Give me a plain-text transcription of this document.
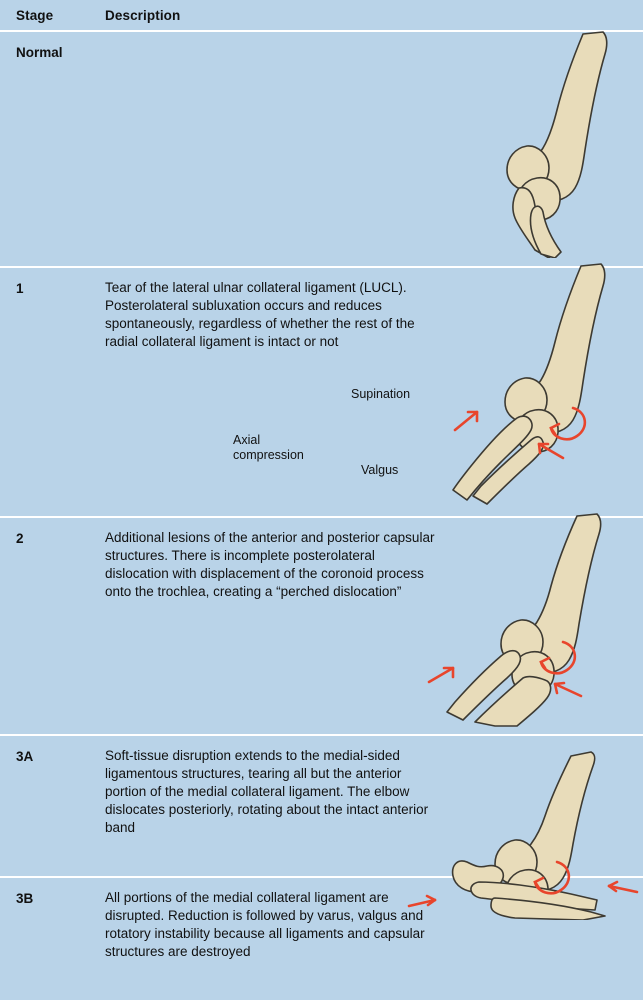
Stage	Description
Normal
1	Tear of the lateral ulnar collateral ligament (LUCL). Posterolateral subluxation occurs and reduces spontaneously, regardless of whether the rest of the radial collateral ligament is intact or not
Supination
Axial
compression
Valgus
2	Additional lesions of the anterior and posterior capsular structures. There is incomplete posterolateral dislocation with displacement of the coronoid process onto the trochlea, creating a “perched dislocation”
3A	Soft-tissue disruption extends to the medial-sided ligamentous structures, tearing all but the anterior portion of the medial collateral ligament. The elbow dislocates posteriorly, rotating about the intact anterior band
3B	All portions of the medial collateral ligament are disrupted. Reduction is followed by varus, valgus and rotatory instability because all ligaments and capsular structures are destroyed
